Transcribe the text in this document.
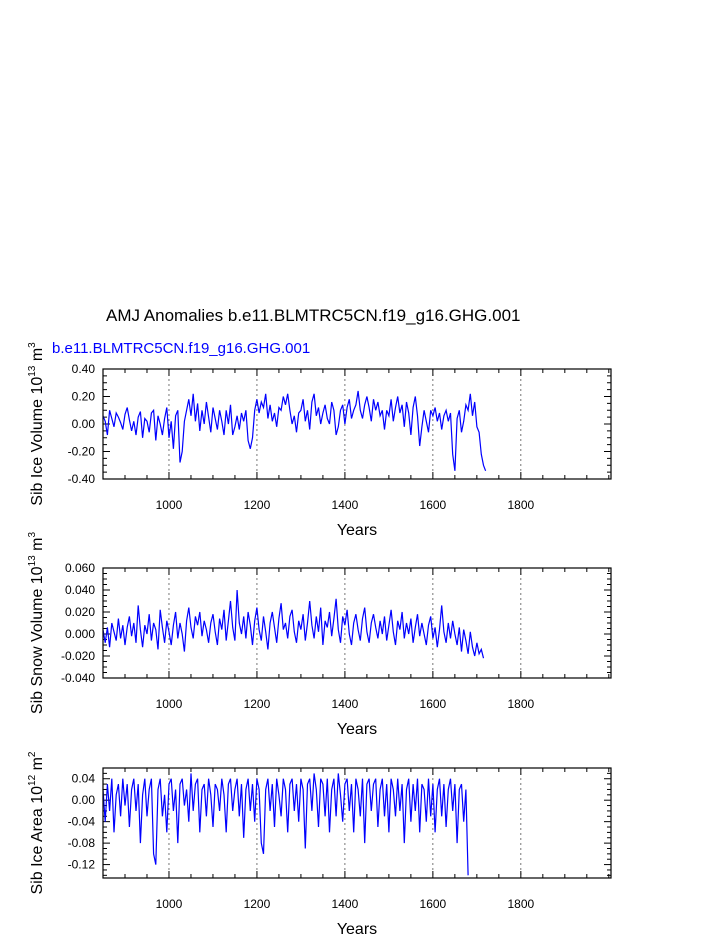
AMJ Anomalies b.e11.BLMTRC5CN.f19_g16.GHG.001
b.e11.BLMTRC5CN.f19_g16.GHG.001
1000	1200	1400	1600	1800
-0.40
-0.20
0.00
0.20
0.40
Years
Sib Ice Volume $10^{13}$ $m^3$
1000	1200	1400	1600	1800
-0.040
-0.020
0.000
0.020
0.040
0.060
Years
Sib Snow Volume $10^{13}$ $m^3$
1000	1200	1400	1600	1800
-0.12
-0.08
-0.04
0.00
0.04
Years
Sib Ice Area $10^{12}$ $m^2$
